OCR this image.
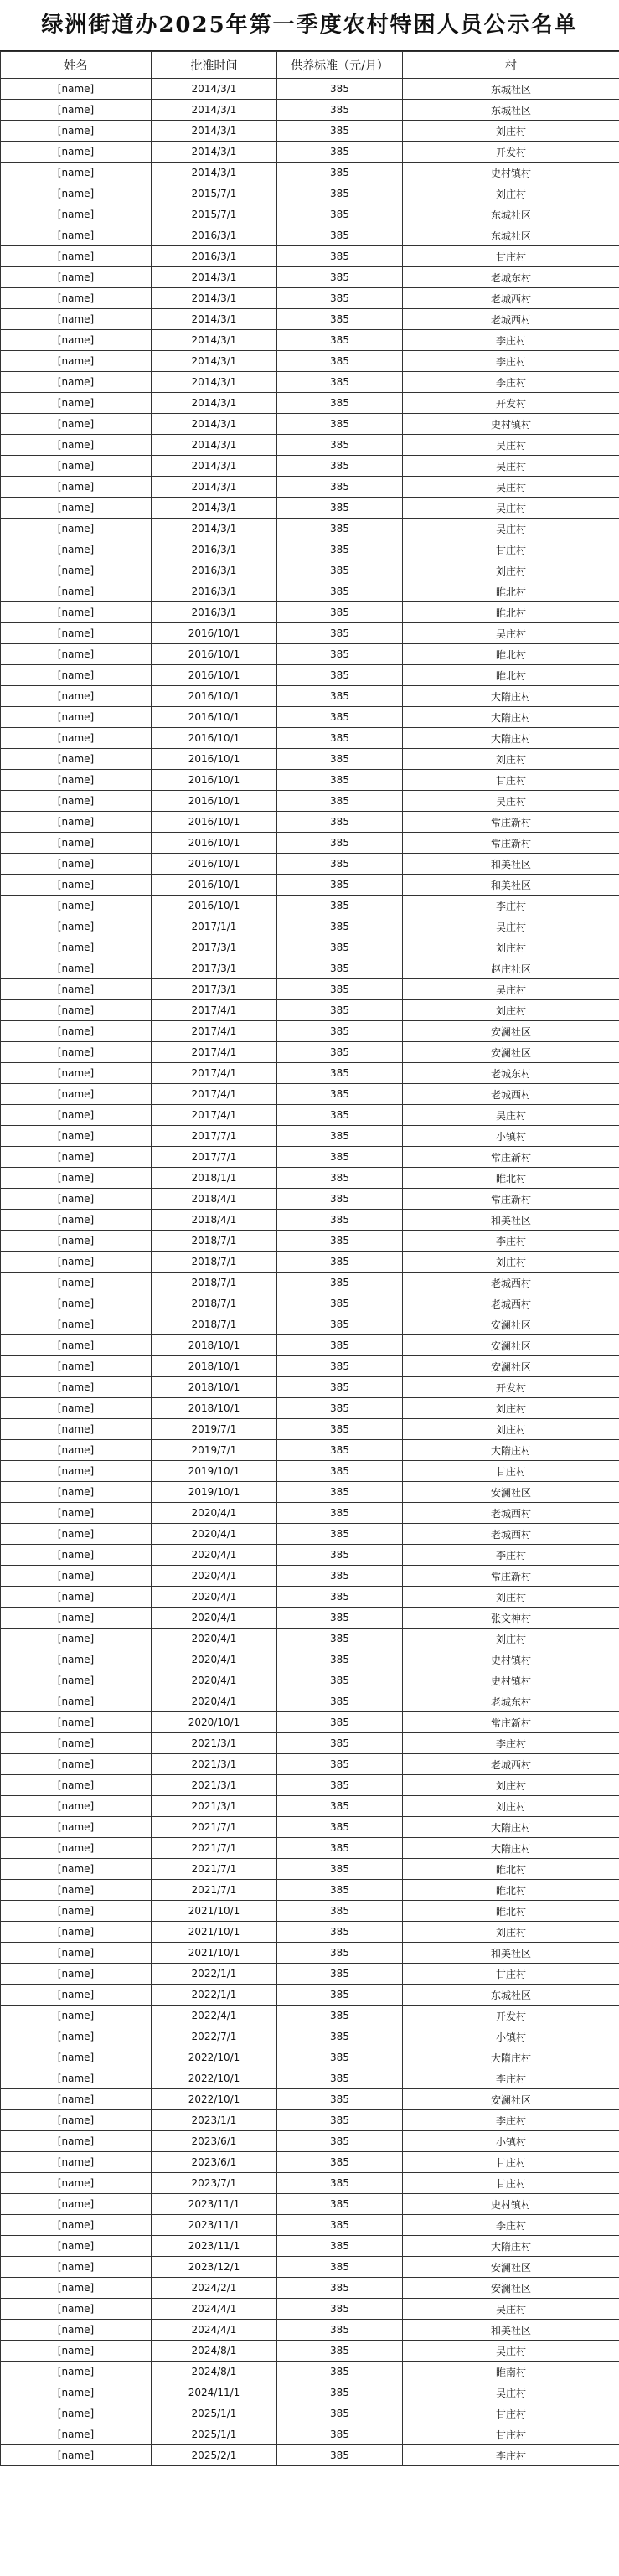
绿洲街道办2025年第一季度农村特困人员公示名单
姓名	批准时间	供养标准（元/月）	村
[name]	2014/3/1	385	东城社区
[name]	2014/3/1	385	东城社区
[name]	2014/3/1	385	刘庄村
[name]	2014/3/1	385	开发村
[name]	2014/3/1	385	史村镇村
[name]	2015/7/1	385	刘庄村
[name]	2015/7/1	385	东城社区
[name]	2016/3/1	385	东城社区
[name]	2016/3/1	385	甘庄村
[name]	2014/3/1	385	老城东村
[name]	2014/3/1	385	老城西村
[name]	2014/3/1	385	老城西村
[name]	2014/3/1	385	李庄村
[name]	2014/3/1	385	李庄村
[name]	2014/3/1	385	李庄村
[name]	2014/3/1	385	开发村
[name]	2014/3/1	385	史村镇村
[name]	2014/3/1	385	吴庄村
[name]	2014/3/1	385	吴庄村
[name]	2014/3/1	385	吴庄村
[name]	2014/3/1	385	吴庄村
[name]	2014/3/1	385	吴庄村
[name]	2016/3/1	385	甘庄村
[name]	2016/3/1	385	刘庄村
[name]	2016/3/1	385	睢北村
[name]	2016/3/1	385	睢北村
[name]	2016/10/1	385	吴庄村
[name]	2016/10/1	385	睢北村
[name]	2016/10/1	385	睢北村
[name]	2016/10/1	385	大隋庄村
[name]	2016/10/1	385	大隋庄村
[name]	2016/10/1	385	大隋庄村
[name]	2016/10/1	385	刘庄村
[name]	2016/10/1	385	甘庄村
[name]	2016/10/1	385	吴庄村
[name]	2016/10/1	385	常庄新村
[name]	2016/10/1	385	常庄新村
[name]	2016/10/1	385	和美社区
[name]	2016/10/1	385	和美社区
[name]	2016/10/1	385	李庄村
[name]	2017/1/1	385	吴庄村
[name]	2017/3/1	385	刘庄村
[name]	2017/3/1	385	赵庄社区
[name]	2017/3/1	385	吴庄村
[name]	2017/4/1	385	刘庄村
[name]	2017/4/1	385	安澜社区
[name]	2017/4/1	385	安澜社区
[name]	2017/4/1	385	老城东村
[name]	2017/4/1	385	老城西村
[name]	2017/4/1	385	吴庄村
[name]	2017/7/1	385	小镇村
[name]	2017/7/1	385	常庄新村
[name]	2018/1/1	385	睢北村
[name]	2018/4/1	385	常庄新村
[name]	2018/4/1	385	和美社区
[name]	2018/7/1	385	李庄村
[name]	2018/7/1	385	刘庄村
[name]	2018/7/1	385	老城西村
[name]	2018/7/1	385	老城西村
[name]	2018/7/1	385	安澜社区
[name]	2018/10/1	385	安澜社区
[name]	2018/10/1	385	安澜社区
[name]	2018/10/1	385	开发村
[name]	2018/10/1	385	刘庄村
[name]	2019/7/1	385	刘庄村
[name]	2019/7/1	385	大隋庄村
[name]	2019/10/1	385	甘庄村
[name]	2019/10/1	385	安澜社区
[name]	2020/4/1	385	老城西村
[name]	2020/4/1	385	老城西村
[name]	2020/4/1	385	李庄村
[name]	2020/4/1	385	常庄新村
[name]	2020/4/1	385	刘庄村
[name]	2020/4/1	385	张文神村
[name]	2020/4/1	385	刘庄村
[name]	2020/4/1	385	史村镇村
[name]	2020/4/1	385	史村镇村
[name]	2020/4/1	385	老城东村
[name]	2020/10/1	385	常庄新村
[name]	2021/3/1	385	李庄村
[name]	2021/3/1	385	老城西村
[name]	2021/3/1	385	刘庄村
[name]	2021/3/1	385	刘庄村
[name]	2021/7/1	385	大隋庄村
[name]	2021/7/1	385	大隋庄村
[name]	2021/7/1	385	睢北村
[name]	2021/7/1	385	睢北村
[name]	2021/10/1	385	睢北村
[name]	2021/10/1	385	刘庄村
[name]	2021/10/1	385	和美社区
[name]	2022/1/1	385	甘庄村
[name]	2022/1/1	385	东城社区
[name]	2022/4/1	385	开发村
[name]	2022/7/1	385	小镇村
[name]	2022/10/1	385	大隋庄村
[name]	2022/10/1	385	李庄村
[name]	2022/10/1	385	安澜社区
[name]	2023/1/1	385	李庄村
[name]	2023/6/1	385	小镇村
[name]	2023/6/1	385	甘庄村
[name]	2023/7/1	385	甘庄村
[name]	2023/11/1	385	史村镇村
[name]	2023/11/1	385	李庄村
[name]	2023/11/1	385	大隋庄村
[name]	2023/12/1	385	安澜社区
[name]	2024/2/1	385	安澜社区
[name]	2024/4/1	385	吴庄村
[name]	2024/4/1	385	和美社区
[name]	2024/8/1	385	吴庄村
[name]	2024/8/1	385	睢南村
[name]	2024/11/1	385	吴庄村
[name]	2025/1/1	385	甘庄村
[name]	2025/1/1	385	甘庄村
[name]	2025/2/1	385	李庄村
